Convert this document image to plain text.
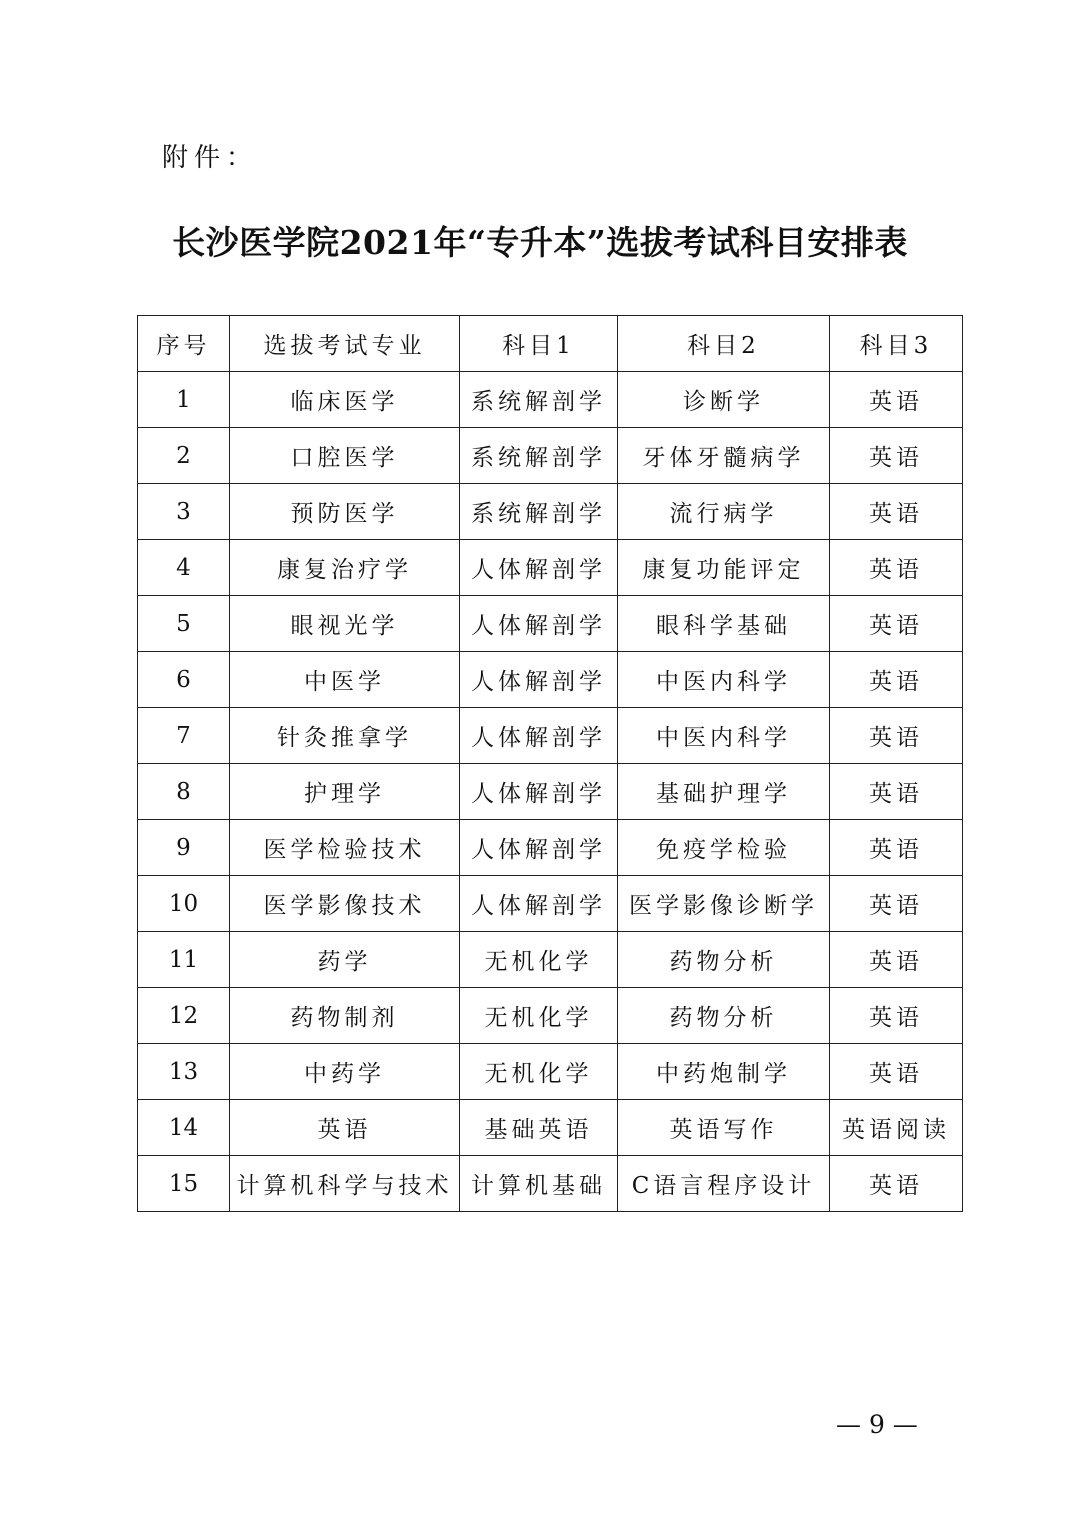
附件：
长沙医学院2021年“专升本”选拔考试科目安排表
序号	选拔考试专业	科目1	科目2	科目3
1	临床医学	系统解剖学	诊断学	英语
2	口腔医学	系统解剖学	牙体牙髓病学	英语
3	预防医学	系统解剖学	流行病学	英语
4	康复治疗学	人体解剖学	康复功能评定	英语
5	眼视光学	人体解剖学	眼科学基础	英语
6	中医学	人体解剖学	中医内科学	英语
7	针灸推拿学	人体解剖学	中医内科学	英语
8	护理学	人体解剖学	基础护理学	英语
9	医学检验技术	人体解剖学	免疫学检验	英语
10	医学影像技术	人体解剖学	医学影像诊断学	英语
11	药学	无机化学	药物分析	英语
12	药物制剂	无机化学	药物分析	英语
13	中药学	无机化学	中药炮制学	英语
14	英语	基础英语	英语写作	英语阅读
15	计算机科学与技术	计算机基础	C语言程序设计	英语
— 9 —
